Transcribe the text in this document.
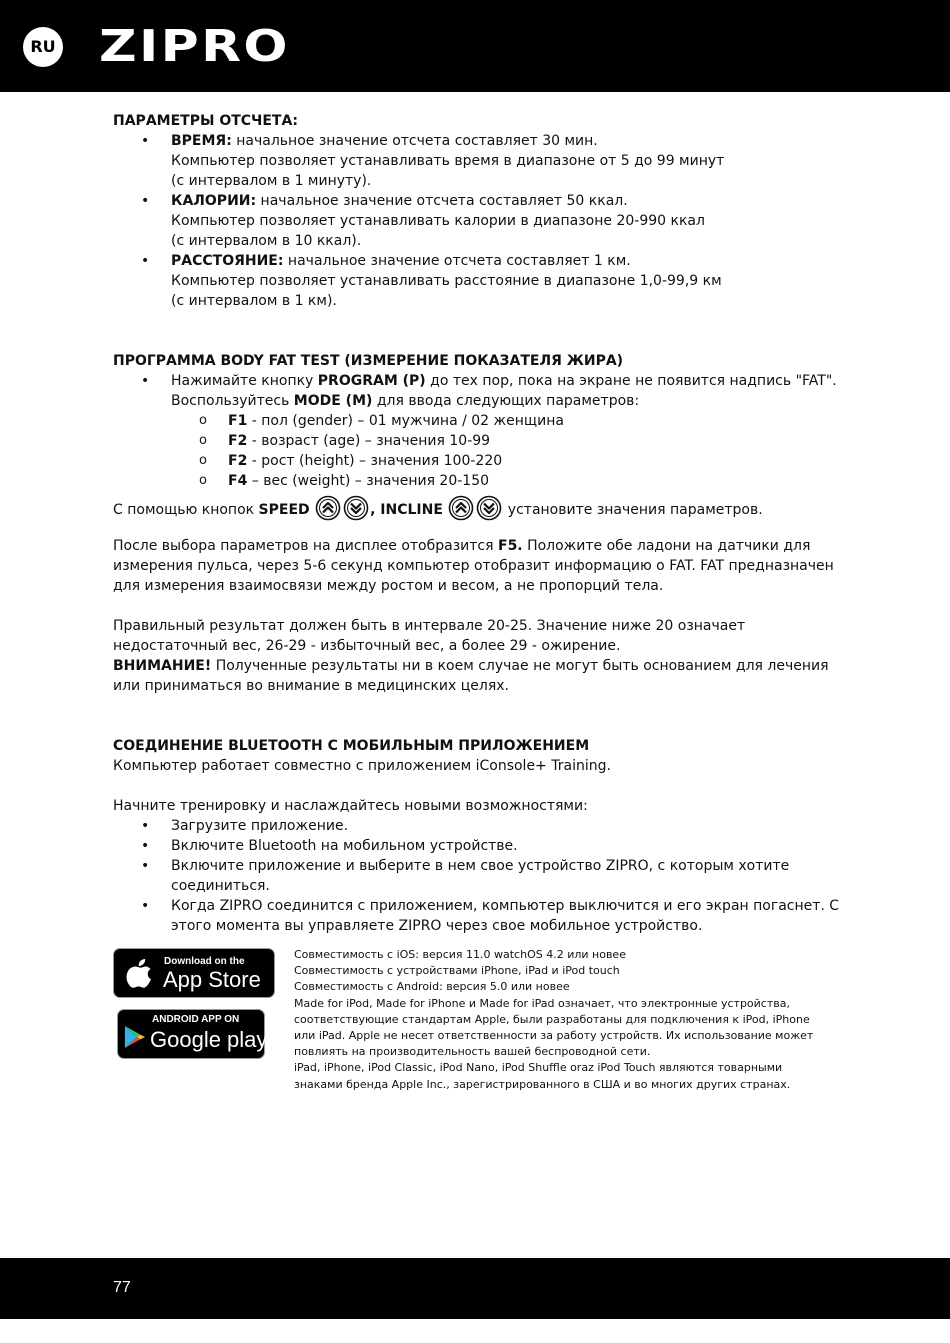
RU ZIPRO

ПАРАМЕТРЫ ОТСЧЕТА:

• ВРЕМЯ: начальное значение отсчета составляет 30 мин.
Компьютер позволяет устанавливать время в диапазоне от 5 до 99 минут
(с интервалом в 1 минуту).
• КАЛОРИИ: начальное значение отсчета составляет 50 ккал.
Компьютер позволяет устанавливать калории в диапазоне 20-990 ккал
(с интервалом в 10 ккал).
• РАССТОЯНИЕ: начальное значение отсчета составляет 1 км.
Компьютер позволяет устанавливать расстояние в диапазоне 1,0-99,9 км
(с интервалом в 1 км).

ПРОГРАММА BODY FAT TEST (ИЗМЕРЕНИЕ ПОКАЗАТЕЛЯ ЖИРА)

• Нажимайте кнопку PROGRAM (P) до тех пор, пока на экране не появится надпись "FAT".
Воспользуйтесь MODE (M) для ввода следующих параметров:
o F1 - пол (gender) – 01 мужчина / 02 женщина
o F2 - возраст (age) – значения 10-99
o F2 - рост (height) – значения 100-220
o F4 – вес (weight) – значения 20-150

С помощью кнопок SPEED	, INCLINE	установите значения параметров.

После выбора параметров на дисплее отобразится F5. Положите обе ладони на датчики для измерения пульса, через 5-6 секунд компьютер отобразит информацию о FAT. FAT предназначен для измерения взаимосвязи между ростом и весом, а не пропорций тела.

Правильный результат должен быть в интервале 20-25. Значение ниже 20 означает недостаточный вес, 26-29 - избыточный вес, а более 29 - ожирение.

ВНИМАНИЕ! Полученные результаты ни в коем случае не могут быть основанием для лечения или приниматься во внимание в медицинских целях.

СОЕДИНЕНИЕ BLUETOOTH С МОБИЛЬНЫМ ПРИЛОЖЕНИЕМ

Компьютер работает совместно с приложением iConsole+ Training.

Начните тренировку и наслаждайтесь новыми возможностями:

• Загрузите приложение.
• Включите Bluetooth на мобильном устройстве.
• Включите приложение и выберите в нем свое устройство ZIPRO, с которым хотите соединиться.
• Когда ZIPRO соединится с приложением, компьютер выключится и его экран погаснет. С этого момента вы управляете ZIPRO через свое мобильное устройство.
Download on the
App Store
ANDROID APP ON
Google play
Совместимость с iOS: версия 11.0 watchOS 4.2 или новее
Совместимость с устройствами iPhone, iPad и iPod touch
Совместимость с Android: версия 5.0 или новее
Made for iPod, Made for iPhone и Made for iPad означает, что электронные устройства, соответствующие стандартам Apple, были разработаны для подключения к iPod, iPhone или iPad. Apple не несет ответственности за работу устройств. Их использование может повлиять на производительность вашей беспроводной сети.
iPad, iPhone, iPod Classic, iPod Nano, iPod Shuffle oraz iPod Touch являются товарными знаками бренда Apple Inc., зарегистрированного в США и во многих других странах.
77
